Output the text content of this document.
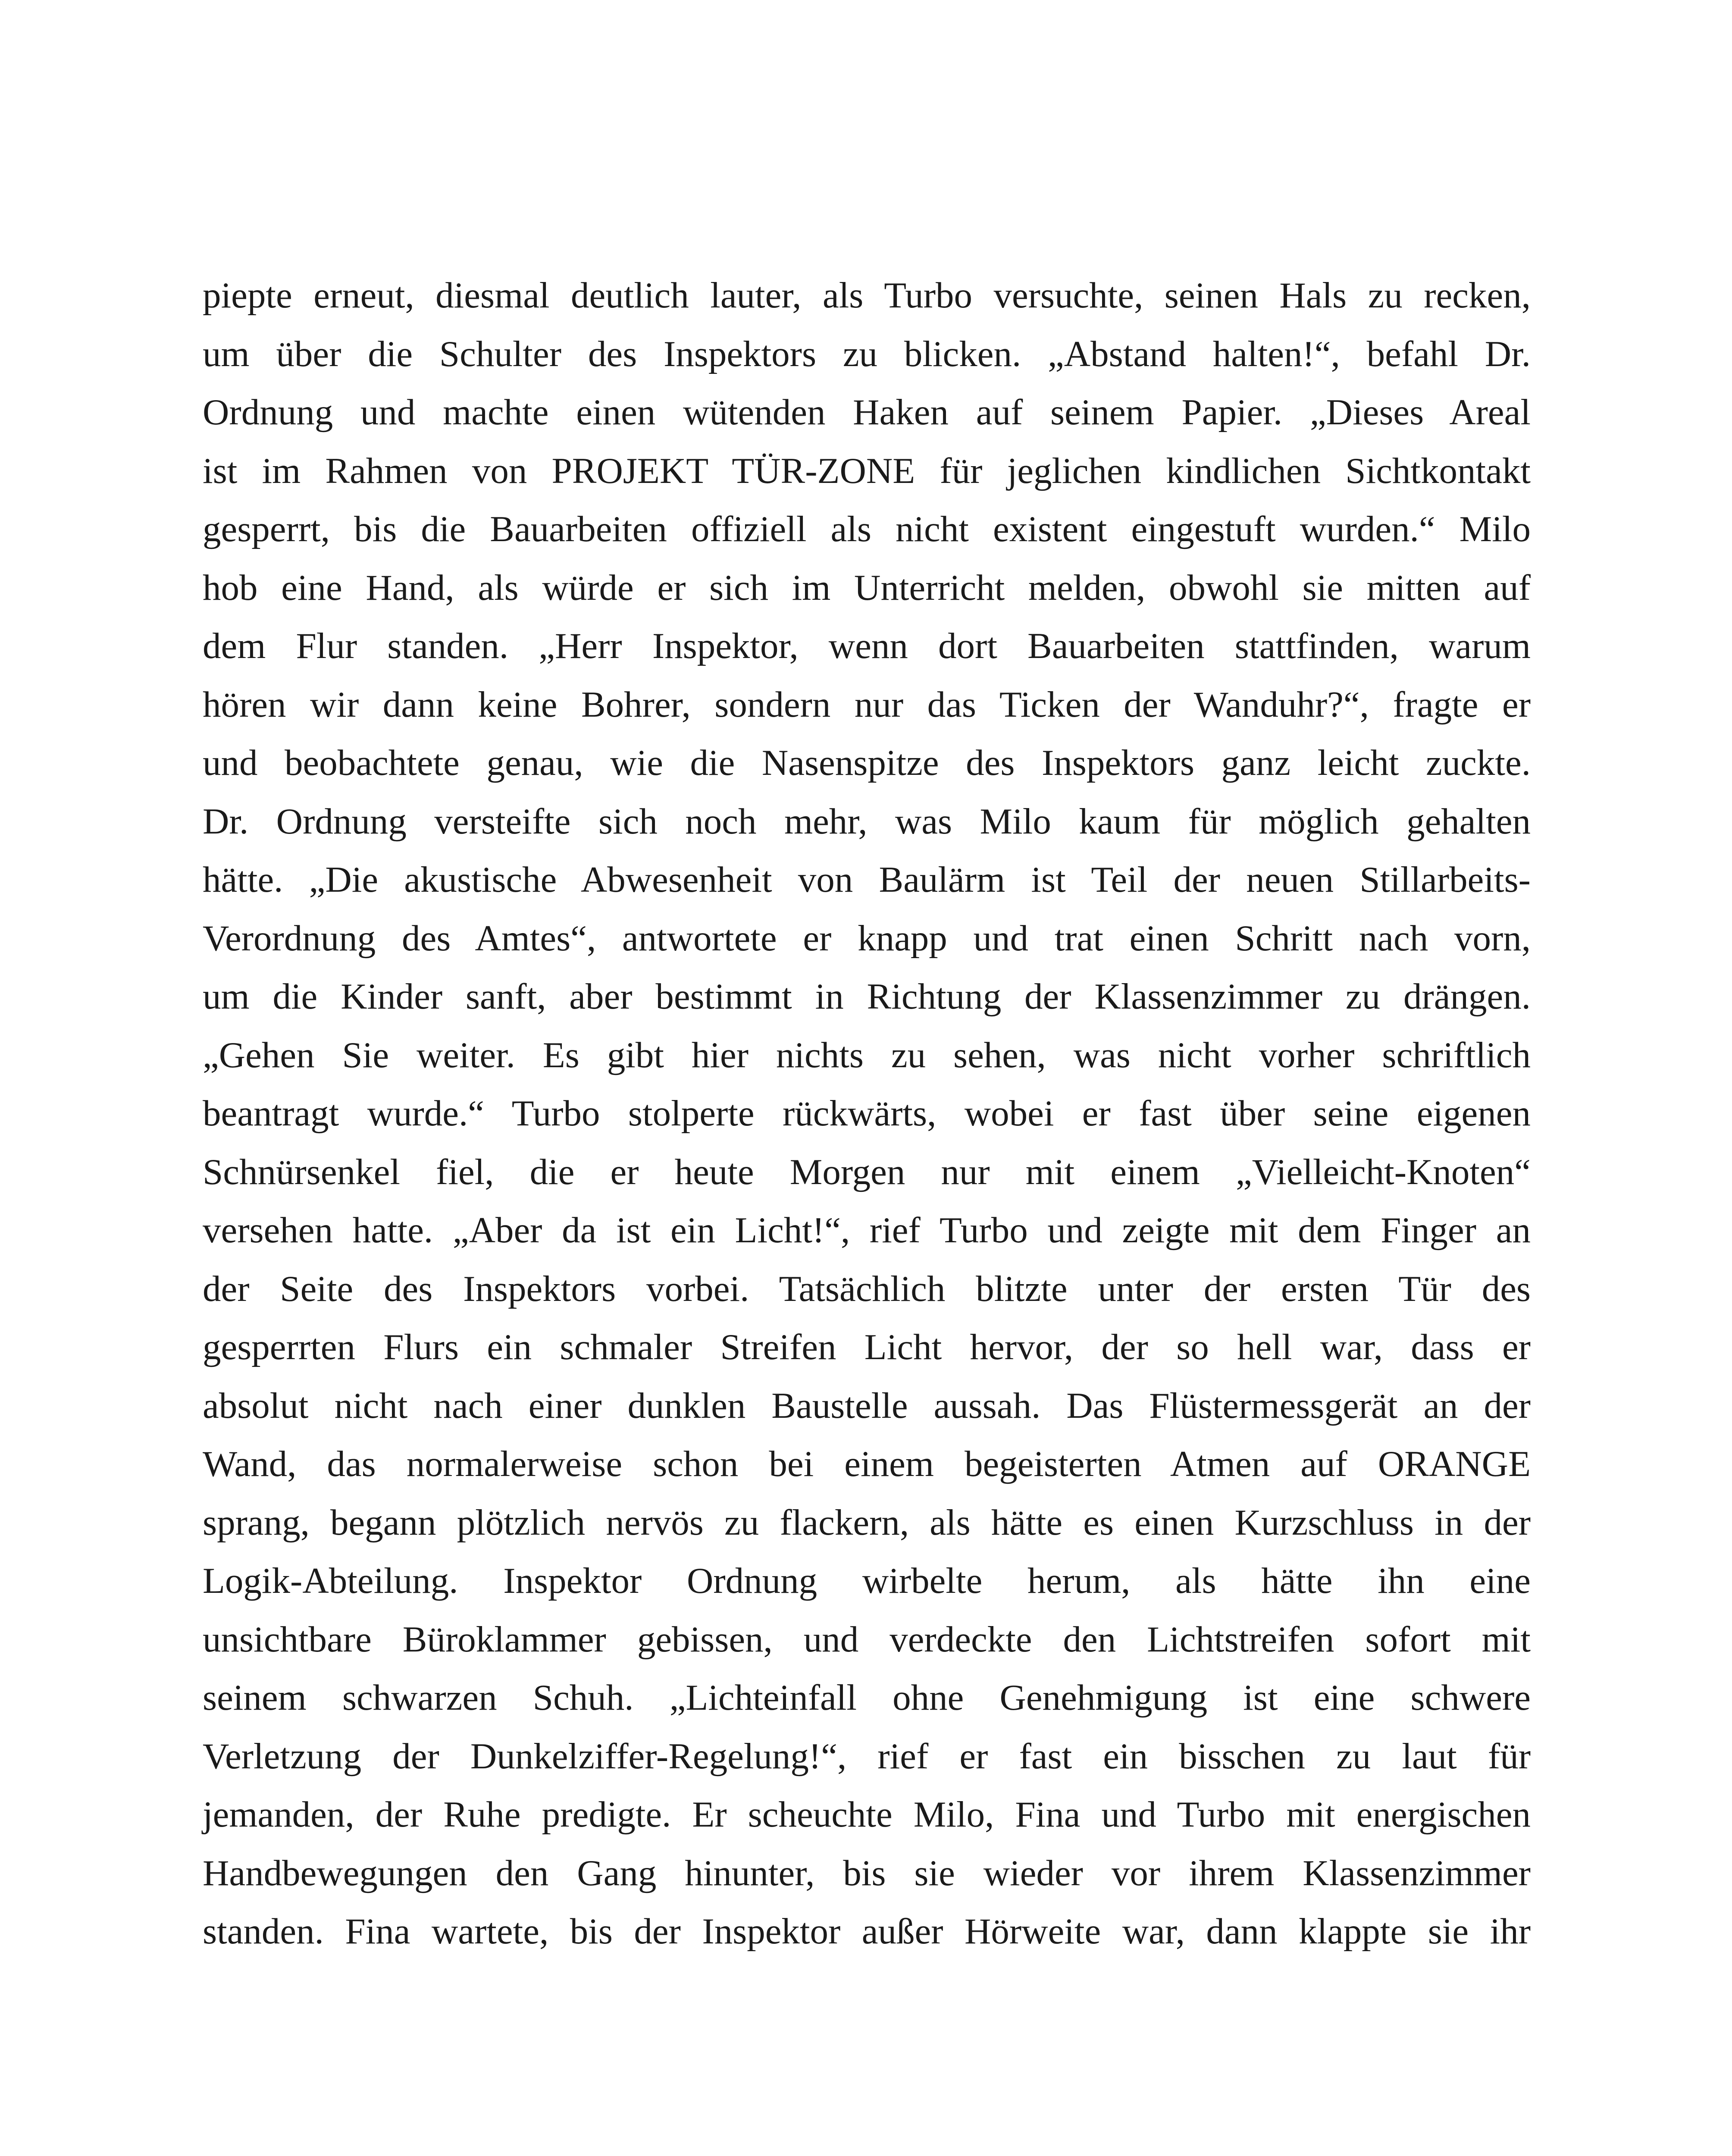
piepte erneut, diesmal deutlich lauter, als Turbo versuchte, seinen Hals zu recken,
um über die Schulter des Inspektors zu blicken. „Abstand halten!“, befahl Dr.
Ordnung und machte einen wütenden Haken auf seinem Papier. „Dieses Areal
ist im Rahmen von PROJEKT TÜR-ZONE für jeglichen kindlichen Sichtkontakt
gesperrt, bis die Bauarbeiten offiziell als nicht existent eingestuft wurden.“ Milo
hob eine Hand, als würde er sich im Unterricht melden, obwohl sie mitten auf
dem Flur standen. „Herr Inspektor, wenn dort Bauarbeiten stattfinden, warum
hören wir dann keine Bohrer, sondern nur das Ticken der Wanduhr?“, fragte er
und beobachtete genau, wie die Nasenspitze des Inspektors ganz leicht zuckte.
Dr. Ordnung versteifte sich noch mehr, was Milo kaum für möglich gehalten
hätte. „Die akustische Abwesenheit von Baulärm ist Teil der neuen Stillarbeits-
Verordnung des Amtes“, antwortete er knapp und trat einen Schritt nach vorn,
um die Kinder sanft, aber bestimmt in Richtung der Klassenzimmer zu drängen.
„Gehen Sie weiter. Es gibt hier nichts zu sehen, was nicht vorher schriftlich
beantragt wurde.“ Turbo stolperte rückwärts, wobei er fast über seine eigenen
Schnürsenkel fiel, die er heute Morgen nur mit einem „Vielleicht-Knoten“
versehen hatte. „Aber da ist ein Licht!“, rief Turbo und zeigte mit dem Finger an
der Seite des Inspektors vorbei. Tatsächlich blitzte unter der ersten Tür des
gesperrten Flurs ein schmaler Streifen Licht hervor, der so hell war, dass er
absolut nicht nach einer dunklen Baustelle aussah. Das Flüstermessgerät an der
Wand, das normalerweise schon bei einem begeisterten Atmen auf ORANGE
sprang, begann plötzlich nervös zu flackern, als hätte es einen Kurzschluss in der
Logik-Abteilung. Inspektor Ordnung wirbelte herum, als hätte ihn eine
unsichtbare Büroklammer gebissen, und verdeckte den Lichtstreifen sofort mit
seinem schwarzen Schuh. „Lichteinfall ohne Genehmigung ist eine schwere
Verletzung der Dunkelziffer-Regelung!“, rief er fast ein bisschen zu laut für
jemanden, der Ruhe predigte. Er scheuchte Milo, Fina und Turbo mit energischen
Handbewegungen den Gang hinunter, bis sie wieder vor ihrem Klassenzimmer
standen. Fina wartete, bis der Inspektor außer Hörweite war, dann klappte sie ihr
